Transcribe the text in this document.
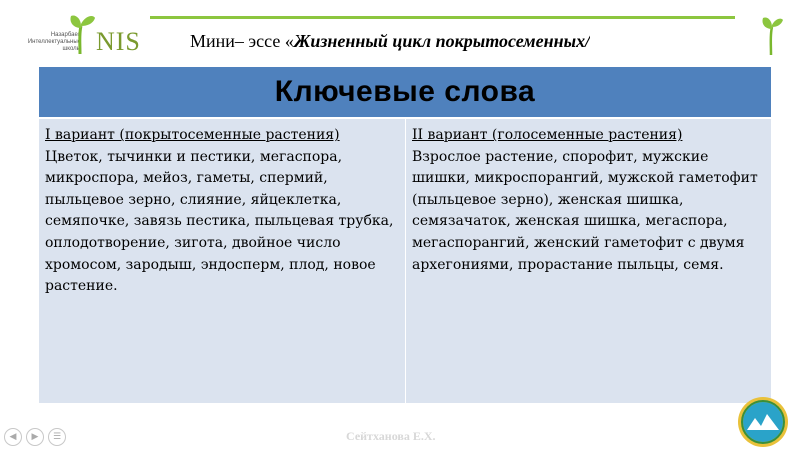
Назарбаев Интеллектуальные школы NIS	Мини– эссе «Жизненный цикл покрытосеменных/
Ключевые слова
I вариант (покрытосеменные растения)
Цветок, тычинки и пестики, мегаспора, микроспора, мейоз, гаметы, спермий, пыльцевое зерно, слияние, яйцеклетка, семяпочке, завязь пестика, пыльцевая трубка, оплодотворение, зигота, двойное число хромосом, зародыш, эндосперм, плод, новое растение.
II вариант (голосеменные растения)
Взрослое растение, спорофит, мужские шишки, микроспорангий, мужской гаметофит (пыльцевое зерно), женская шишка, семязачаток, женская шишка, мегаспора, мегаспорангий, женский гаметофит с двумя архегониями, прорастание пыльцы, семя.
◀	▶	☰	Сейтханова Е.Х.
